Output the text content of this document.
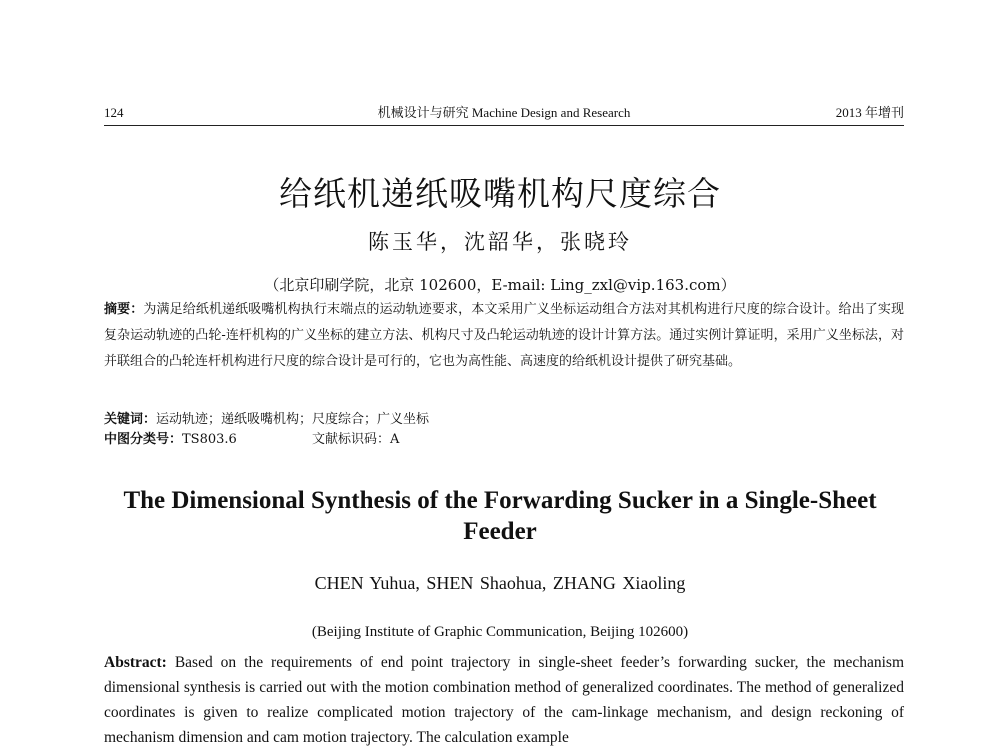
124	机械设计与研究 Machine Design and Research	2013 年增刊
给纸机递纸吸嘴机构尺度综合
陈玉华，沈韶华，张晓玲
（北京印刷学院，北京 102600，E-mail: Ling_zxl@vip.163.com）
摘要：为满足给纸机递纸吸嘴机构执行末端点的运动轨迹要求，本文采用广义坐标运动组合方法对其机构进行尺度的综合设计。给出了实现复杂运动轨迹的凸轮-连杆机构的广义坐标的建立方法、机构尺寸及凸轮运动轨迹的设计计算方法。通过实例计算证明，采用广义坐标法，对并联组合的凸轮连杆机构进行尺度的综合设计是可行的，它也为高性能、高速度的给纸机设计提供了研究基础。
关键词：运动轨迹；递纸吸嘴机构；尺度综合；广义坐标
中图分类号：TS803.6	文献标识码：A
The Dimensional Synthesis of the Forwarding Sucker in a Single-Sheet Feeder
CHEN Yuhua, SHEN Shaohua, ZHANG Xiaoling
(Beijing Institute of Graphic Communication, Beijing 102600)
Abstract: Based on the requirements of end point trajectory in single-sheet feeder’s forwarding sucker, the mechanism dimensional synthesis is carried out with the motion combination method of generalized coordinates. The method of generalized coordinates is given to realize complicated motion trajectory of the cam-linkage mechanism, and design reckoning of mechanism dimension and cam motion trajectory. The calculation example
